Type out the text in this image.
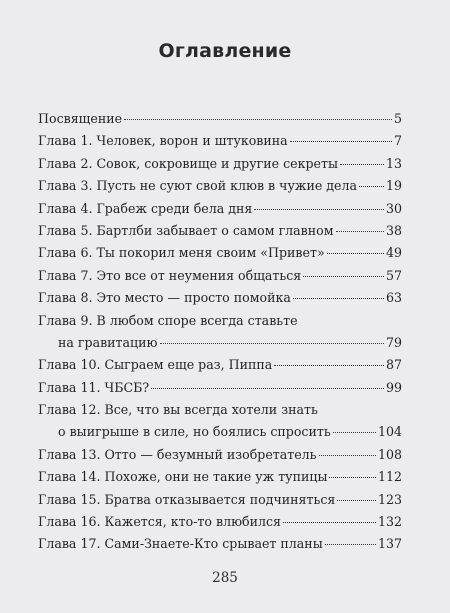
Оглавление
Посвящение	5
Глава 1. Человек, ворон и штуковина	7
Глава 2. Совок, сокровище и другие секреты	13
Глава 3. Пусть не суют свой клюв в чужие дела 19
Глава 4. Грабеж среди бела дня	30
Глава 5. Бартлби забывает о самом главном	38
Глава 6. Ты покорил меня своим «Привет»	49
Глава 7. Это все от неумения общаться	57
Глава 8. Это место — просто помойка	63
Глава 9. В любом споре всегда ставьте
на гравитацию	79
Глава 10. Сыграем еще раз, Пиппа	87
Глава 11. ЧБСБ?	99
Глава 12. Все, что вы всегда хотели знать
о выигрыше в силе, но боялись спросить	104
Глава 13. Отто — безумный изобретатель	108
Глава 14. Похоже, они не такие уж тупицы	112
Глава 15. Братва отказывается подчиняться	123
Глава 16. Кажется, кто-то влюбился	132
Глава 17. Сами-Знаете-Кто срывает планы	137
285
